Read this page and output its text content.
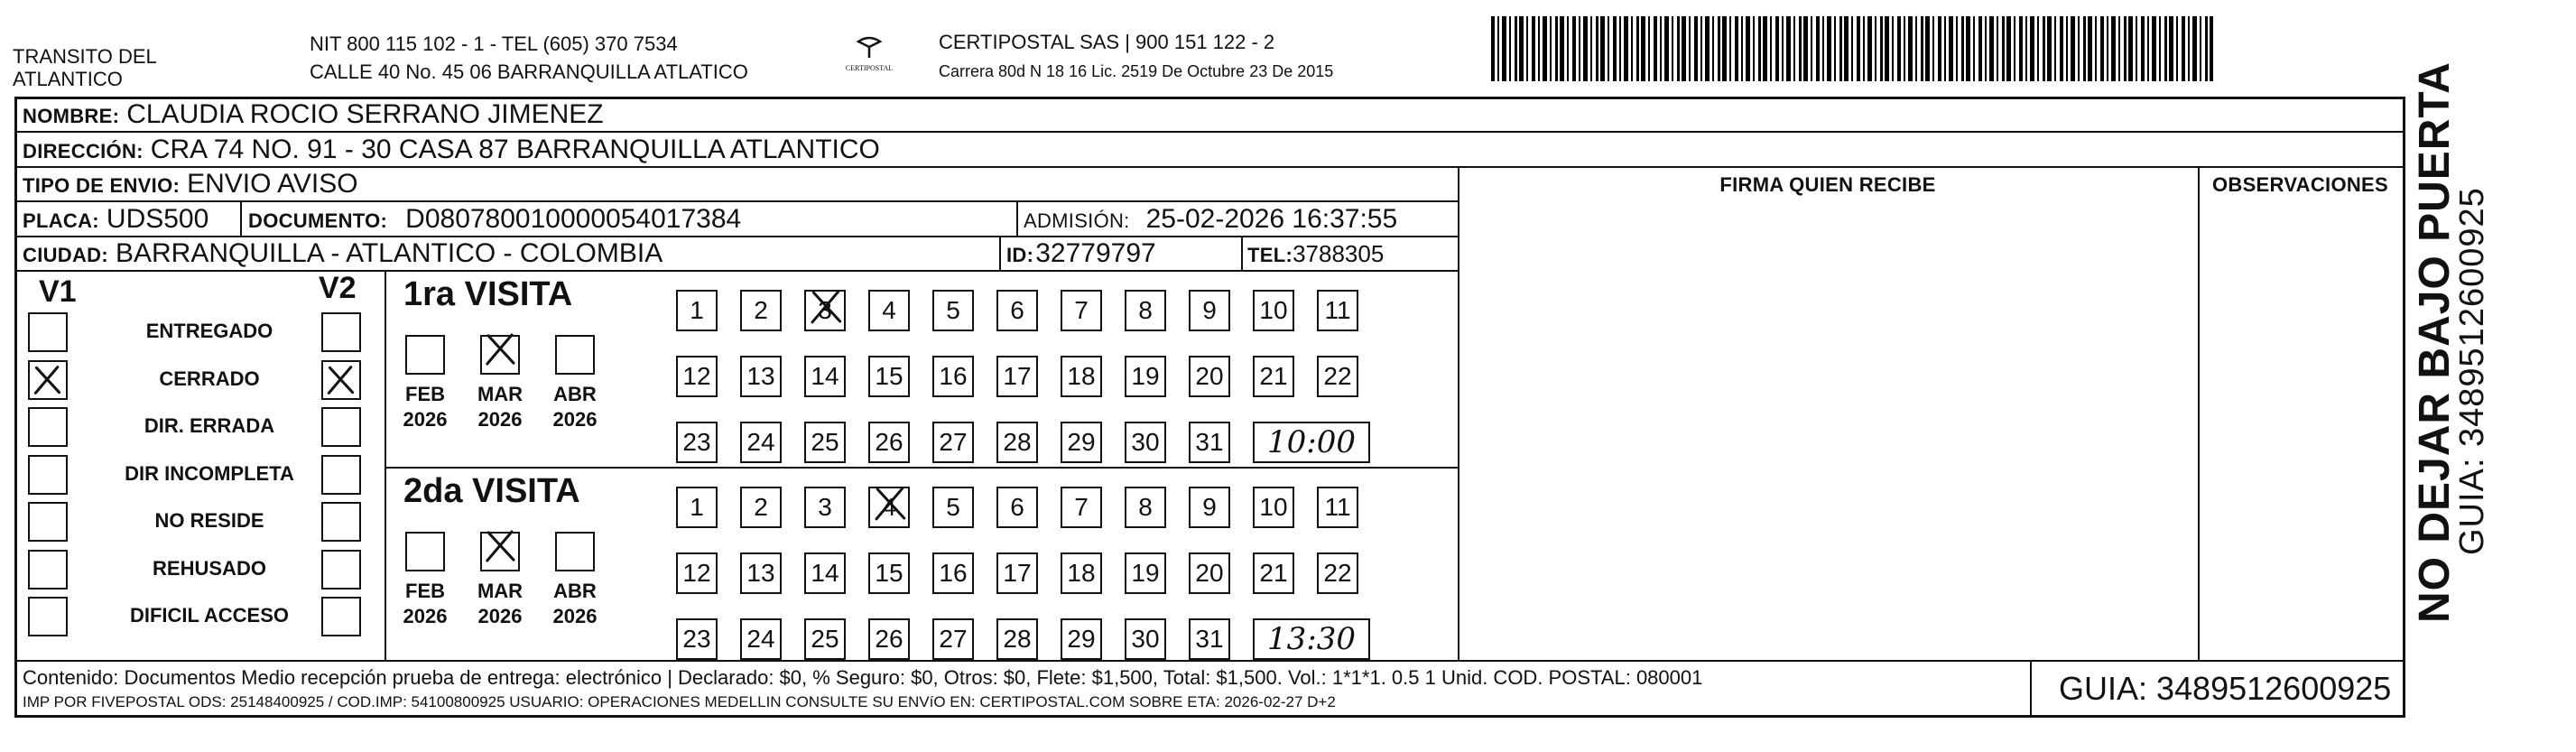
TRANSITO DEL
ATLANTICO
NIT 800 115 102 - 1 - TEL (605) 370 7534
CALLE 40 No. 45 06 BARRANQUILLA ATLATICO	CERTIPOSTAL
CERTIPOSTAL SAS | 900 151 122 - 2
Carrera 80d N 18 16 Lic. 2519 De Octubre 23 De 2015
NOMBRE: CLAUDIA ROCIO SERRANO JIMENEZ
DIRECCIÓN: CRA 74 NO. 91 - 30 CASA 87 BARRANQUILLA ATLANTICO
TIPO DE ENVIO: ENVIO AVISO
PLACA: UDS500 DOCUMENTO: D080780010000054017384	ADMISIÓN: 25-02-2026 16:37:55
CIUDAD: BARRANQUILLA - ATLANTICO - COLOMBIA	ID: 32779797	TEL: 3788305
FIRMA QUIEN RECIBE	OBSERVACIONES
V1	V2
ENTREGADO
CERRADO
DIR. ERRADA
DIR INCOMPLETA
NO RESIDE
REHUSADO
DIFICIL ACCESO
1ra VISITA
FEB
2026
MAR
2026
ABR
2026
1 2 3 4 5 6 7 8 9 10 11
12 13 14 15 16 17 18 19 20 21 22
23 24 25 26 27 28 29 30 31	10:00
2da VISITA
FEB
2026
MAR
2026
ABR
2026
1 2 3 4 5 6 7 8 9 10 11
12 13 14 15 16 17 18 19 20 21 22
23 24 25 26 27 28 29 30 31	13:30
Contenido: Documentos Medio recepción prueba de entrega: electrónico | Declarado: $0, % Seguro: $0, Otros: $0, Flete: $1,500, Total: $1,500. Vol.: 1*1*1. 0.5 1 Unid. COD. POSTAL: 080001
IMP POR FIVEPOSTAL ODS: 25148400925 / COD.IMP: 54100800925 USUARIO: OPERACIONES MEDELLIN CONSULTE SU ENVíO EN: CERTIPOSTAL.COM SOBRE ETA: 2026-02-27 D+2	GUIA: 3489512600925
NO DEJAR BAJO PUERTA
GUIA: 3489512600925
